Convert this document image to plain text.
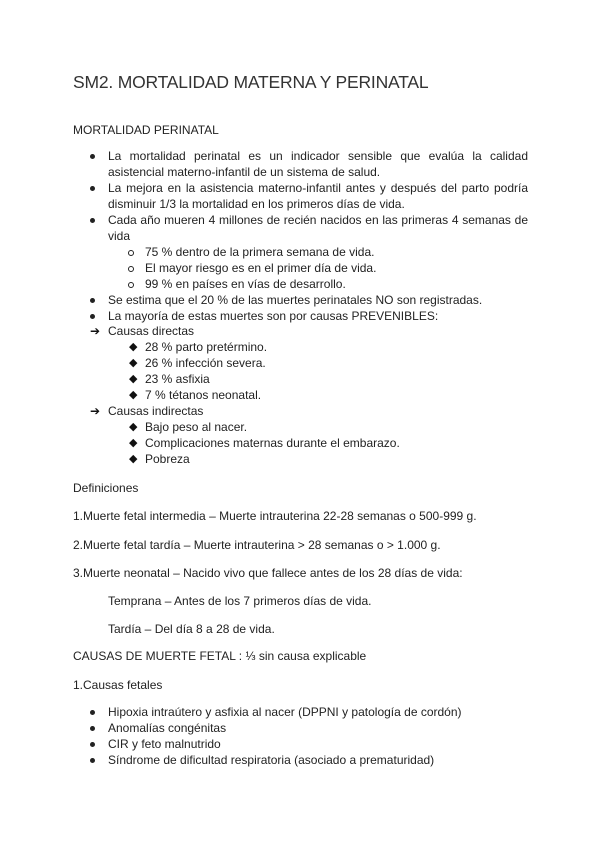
SM2. MORTALIDAD MATERNA Y PERINATAL
MORTALIDAD PERINATAL
La mortalidad perinatal es un indicador sensible que evalúa la calidad asistencial materno-infantil de un sistema de salud.
La mejora en la asistencia materno-infantil antes y después del parto podría disminuir 1/3 la mortalidad en los primeros días de vida.
Cada año mueren 4 millones de recién nacidos en las primeras 4 semanas de vida
75 % dentro de la primera semana de vida.
El mayor riesgo es en el primer día de vida.
99 % en países en vías de desarrollo.
Se estima que el 20 % de las muertes perinatales NO son registradas.
La mayoría de estas muertes son por causas PREVENIBLES:
➔ Causas directas
◆ 28 % parto pretérmino.
◆ 26 % infección severa.
◆ 23 % asfixia
◆ 7 % tétanos neonatal.
➔ Causas indirectas
◆ Bajo peso al nacer.
◆ Complicaciones maternas durante el embarazo.
◆ Pobreza
Definiciones
1.Muerte fetal intermedia – Muerte intrauterina 22-28 semanas o 500-999 g.
2.Muerte fetal tardía – Muerte intrauterina > 28 semanas o > 1.000 g.
3.Muerte neonatal – Nacido vivo que fallece antes de los 28 días de vida:
Temprana – Antes de los 7 primeros días de vida.
Tardía – Del día 8 a 28 de vida.
CAUSAS DE MUERTE FETAL : ⅓ sin causa explicable
1.Causas fetales
Hipoxia intraútero y asfixia al nacer (DPPNI y patología de cordón)
Anomalías congénitas
CIR y feto malnutrido
Síndrome de dificultad respiratoria (asociado a prematuridad)
